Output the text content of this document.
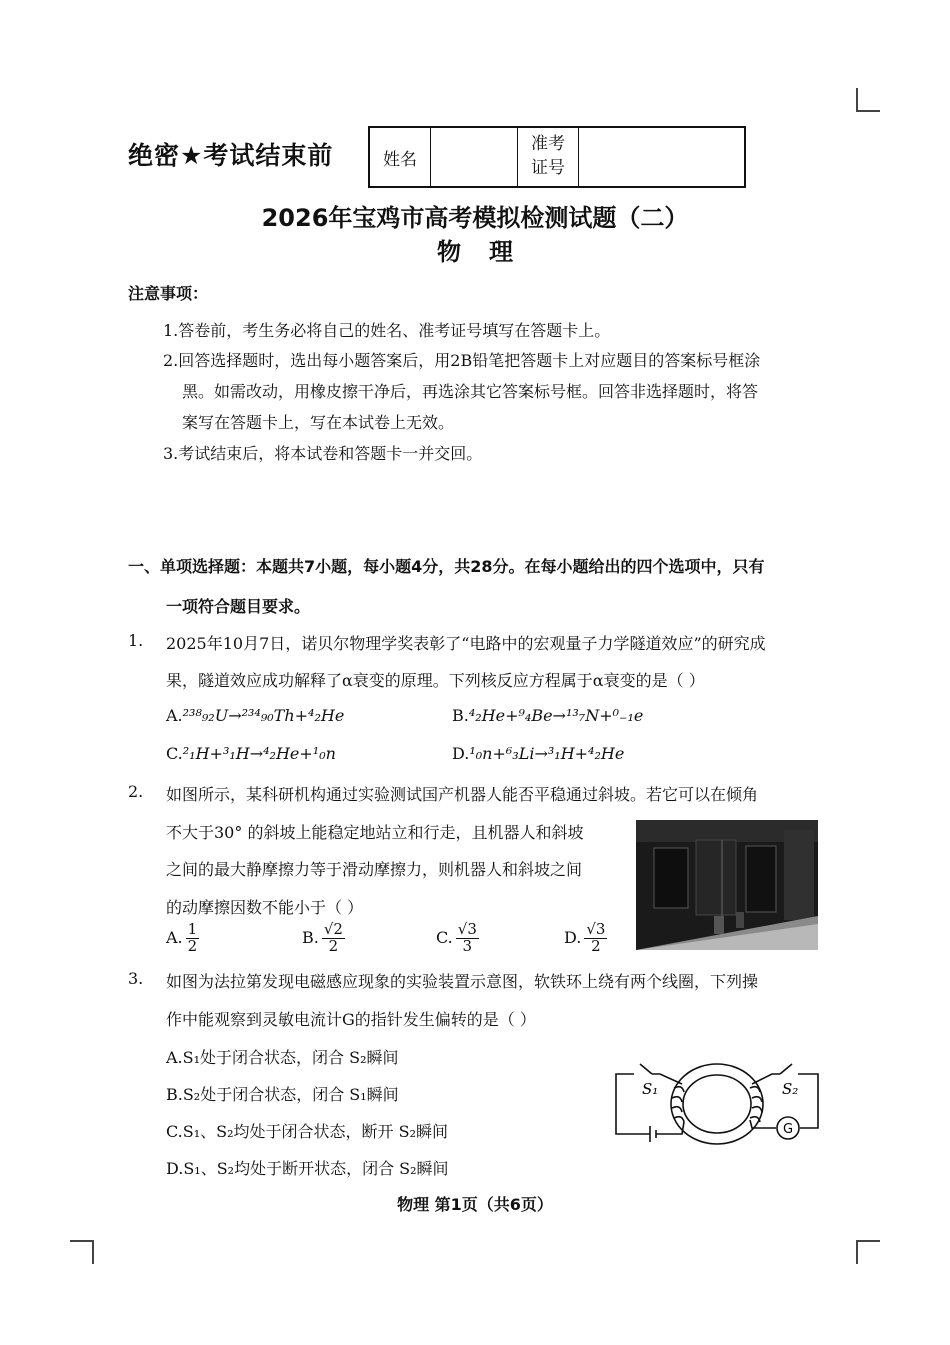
绝密★考试结束前	姓名
准考
证号
2026年宝鸡市高考模拟检测试题（二）
物理
注意事项：
1.答卷前，考生务必将自己的姓名、准考证号填写在答题卡上。
2.回答选择题时，选出每小题答案后，用2B铅笔把答题卡上对应题目的答案标号框涂
黑。如需改动，用橡皮擦干净后，再选涂其它答案标号框。回答非选择题时，将答
案写在答题卡上，写在本试卷上无效。
3.考试结束后，将本试卷和答题卡一并交回。
一、单项选择题：本题共7小题，每小题4分，共28分。在每小题给出的四个选项中，只有
一项符合题目要求。
1. 2025年10月7日，诺贝尔物理学奖表彰了“电路中的宏观量子力学隧道效应”的研究成
果，隧道效应成功解释了α衰变的原理。下列核反应方程属于α衰变的是（ ）
A.²³⁸₉₂U→²³⁴₉₀Th+⁴₂He	B.⁴₂He+⁹₄Be→¹³₇N+⁰₋₁e
C.²₁H+³₁H→⁴₂He+¹₀n	D.¹₀n+⁶₃Li→³₁H+⁴₂He
2. 如图所示，某科研机构通过实验测试国产机器人能否平稳通过斜坡。若它可以在倾角
不大于30° 的斜坡上能稳定地站立和行走，且机器人和斜坡
之间的最大静摩擦力等于滑动摩擦力，则机器人和斜坡之间
的动摩擦因数不能小于（ ）
A. $\frac{1}{2}$	B. $\frac{√2}{2}$	C. $\frac{√3}{3}$	D. $\frac{√3}{2}$
3. 如图为法拉第发现电磁感应现象的实验装置示意图，软铁环上绕有两个线圈，下列操
作中能观察到灵敏电流计G的指针发生偏转的是（ ）
A.S₁处于闭合状态，闭合 S₂瞬间
B.S₂处于闭合状态，闭合 S₁瞬间
C.S₁、S₂均处于闭合状态，断开 S₂瞬间
D.S₁、S₂均处于断开状态，闭合 S₂瞬间
S₁	S₂
G
物理 第1页（共6页）
